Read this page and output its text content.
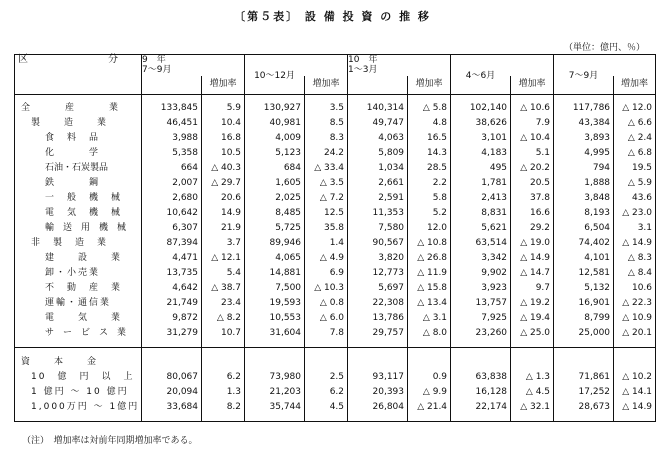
〔第５表〕 設 備 投 資 の 推 移
（単位：億円、％）
区　　分	9　年
7〜9月				10　年
1〜3月					
		増加率	10〜12月	増加率		増加率	4〜6月	増加率	7〜9月	増加率

全　　　産　　　業	133,845	5.9	130,927	3.5	140,314	△ 5.8	102,140	△ 10.6	117,786	△ 12.0
製　　造　　業	46,451	10.4	40,981	8.5	49,747	4.8	38,626	7.9	43,384	△ 6.6
食　料　品	3,988	16.8	4,009	8.3	4,063	16.5	3,101	△ 10.4	3,893	△ 2.4
化　　　学	5,358	10.5	5,123	24.2	5,809	14.3	4,183	5.1	4,995	△ 6.8
石油・石炭製品	664	△ 40.3	684	△ 33.4	1,034	28.5	495	△ 20.2	794	19.5
鉄　　　鋼	2,007	△ 29.7	1,605	△ 3.5	2,661	2.2	1,781	20.5	1,888	△ 5.9
一　般　機　械	2,680	20.6	2,025	△ 7.2	2,591	5.8	2,413	37.8	3,848	43.6
電　気　機　械	10,642	14.9	8,485	12.5	11,353	5.2	8,831	16.6	8,193	△ 23.0
輸　送　用　機　械	6,307	21.9	5,725	35.8	7,580	12.0	5,621	29.2	6,504	3.1
非　製　造　業	87,394	3.7	89,946	1.4	90,567	△ 10.8	63,514	△ 19.0	74,402	△ 14.9
建　　設　　業	4,471	△ 12.1	4,065	△ 4.9	3,820	△ 26.8	3,342	△ 14.9	4,101	△ 8.3
卸・小売業	13,735	5.4	14,881	6.9	12,773	△ 11.9	9,902	△ 14.7	12,581	△ 8.4
不　動　産　業	4,642	△ 38.7	7,500	△ 10.3	5,697	△ 15.8	3,923	9.7	5,132	10.6
運輸・通信業	21,749	23.4	19,593	△ 0.8	22,308	△ 13.4	13,757	△ 19.2	16,901	△ 22.3
電　　気　　業	9,872	△ 8.2	10,553	△ 6.0	13,786	△ 3.1	7,925	△ 19.4	8,799	△ 10.9
サ　ー　ビ　ス　業	31,279	10.7	31,604	7.8	29,757	△ 8.0	23,260	△ 25.0	25,000	△ 20.1

資　　本　　金										
10　億　円　以　上	80,067	6.2	73,980	2.5	93,117	0.9	63,838	△ 1.3	71,861	△ 10.2
1 億円 〜 10 億円	20,094	1.3	21,203	6.2	20,393	△ 9.9	16,128	△ 4.5	17,252	△ 14.1
1,000万円 〜 1億円	33,684	8.2	35,744	4.5	26,804	△ 21.4	22,174	△ 32.1	28,673	△ 14.9

（注）　増加率は対前年同期増加率である。
